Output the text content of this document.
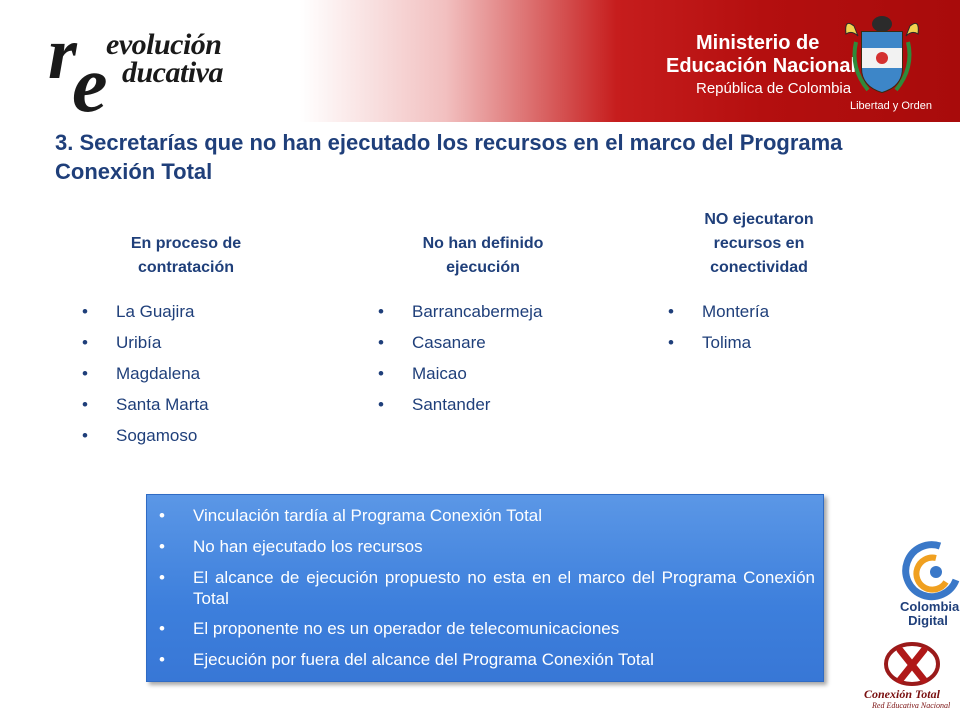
r
e
evolución
ducativa
Ministerio de
Educación Nacional
República de Colombia
Libertad y Orden
3. Secretarías que no han ejecutado los recursos en el marco del Programa Conexión Total
En proceso de contratación
• La Guajira
• Uribía
• Magdalena
• Santa Marta
• Sogamoso
No han definido ejecución
• Barrancabermeja
• Casanare
• Maicao
• Santander
NO ejecutaron recursos en conectividad
• Montería
• Tolima
• Vinculación tardía al Programa Conexión Total
• No han ejecutado los recursos
• El alcance de ejecución propuesto no esta en el marco del Programa Conexión Total
• El proponente no es un operador de telecomunicaciones
• Ejecución por fuera del alcance del Programa Conexión Total
Colombia
Digital
Conexión Total
Red Educativa Nacional
